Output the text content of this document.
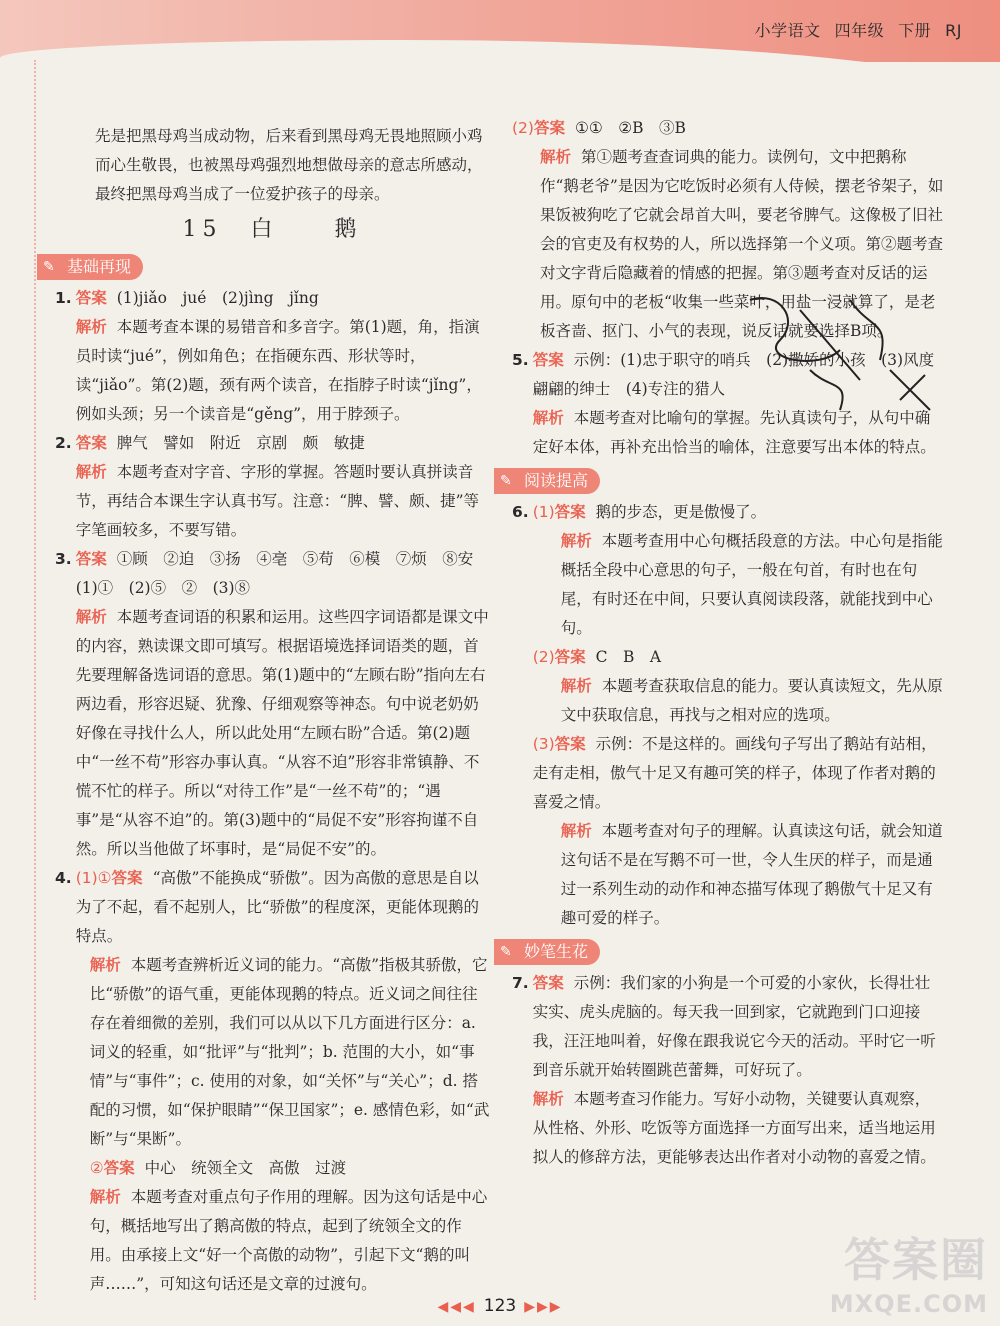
小学语文 四年级 下册 RJ

先是把黑母鸡当成动物，后来看到黑母鸡无畏地照顾小鸡而心生敬畏，也被黑母鸡强烈地想做母亲的意志所感动，最终把黑母鸡当成了一位爱护孩子的母亲。

15　白　　鹅
✎ 基础再现
1. 答案 (1)jiǎo　jué　(2)jìng　jǐng

解析 本题考查本课的易错音和多音字。第(1)题，角，指演员时读“jué”，例如角色；在指硬东西、形状等时，读“jiǎo”。第(2)题，颈有两个读音，在指脖子时读“jǐng”，例如头颈；另一个读音是“gěng”，用于脖颈子。

2. 答案 脾气　譬如　附近　京剧　颇　敏捷

解析 本题考查对字音、字形的掌握。答题时要认真拼读音节，再结合本课生字认真书写。注意：“脾、譬、颇、捷”等字笔画较多，不要写错。

3. 答案 ①顾　②迫　③扬　④亳　⑤苟　⑥模　⑦烦　⑧安　(1)①　(2)⑤　②　(3)⑧

解析 本题考查词语的积累和运用。这些四字词语都是课文中的内容，熟读课文即可填写。根据语境选择词语类的题，首先要理解备选词语的意思。第(1)题中的“左顾右盼”指向左右两边看，形容迟疑、犹豫、仔细观察等神态。句中说老奶奶好像在寻找什么人，所以此处用“左顾右盼”合适。第(2)题中“一丝不苟”形容办事认真。“从容不迫”形容非常镇静、不慌不忙的样子。所以“对待工作”是“一丝不苟”的；“遇事”是“从容不迫”的。第(3)题中的“局促不安”形容拘谨不自然。所以当他做了坏事时，是“局促不安”的。

4. (1)①答案 “高傲”不能换成“骄傲”。因为高傲的意思是自以为了不起，看不起别人，比“骄傲”的程度深，更能体现鹅的特点。

解析 本题考查辨析近义词的能力。“高傲”指极其骄傲，它比“骄傲”的语气重，更能体现鹅的特点。近义词之间往往存在着细微的差别，我们可以从以下几方面进行区分：a. 词义的轻重，如“批评”与“批判”；b. 范围的大小，如“事情”与“事件”；c. 使用的对象，如“关怀”与“关心”；d. 搭配的习惯，如“保护眼睛”“保卫国家”；e. 感情色彩，如“武断”与“果断”。

②答案 中心　统领全文　高傲　过渡

解析 本题考查对重点句子作用的理解。因为这句话是中心句，概括地写出了鹅高傲的特点，起到了统领全文的作用。由承接上文“好一个高傲的动物”，引起下文“鹅的叫声……”，可知这句话还是文章的过渡句。

(2)答案 ①①　②B　③B

解析 第①题考查查词典的能力。读例句，文中把鹅称作“鹅老爷”是因为它吃饭时必须有人侍候，摆老爷架子，如果饭被狗吃了它就会昂首大叫，要老爷脾气。这像极了旧社会的官吏及有权势的人，所以选择第一个义项。第②题考查对文字背后隐藏着的情感的把握。第③题考查对反话的运用。原句中的老板“收集一些菜叶，用盐一浸就算了，是老板吝啬、抠门、小气的表现，说反话就要选择B项。

5. 答案 示例：(1)忠于职守的哨兵　(2)撒娇的小孩　(3)风度翩翩的绅士　(4)专注的猎人

解析 本题考查对比喻句的掌握。先认真读句子，从句中确定好本体，再补充出恰当的喻体，注意要写出本体的特点。

✎ 阅读提高
6. (1)答案 鹅的步态，更是傲慢了。

解析 本题考查用中心句概括段意的方法。中心句是指能概括全段中心意思的句子，一般在句首，有时也在句尾，有时还在中间，只要认真阅读段落，就能找到中心句。

(2)答案 C　B　A

解析 本题考查获取信息的能力。要认真读短文，先从原文中获取信息，再找与之相对应的选项。

(3)答案 示例：不是这样的。画线句子写出了鹅站有站相，走有走相，傲气十足又有趣可笑的样子，体现了作者对鹅的喜爱之情。

解析 本题考查对句子的理解。认真读这句话，就会知道这句话不是在写鹅不可一世，令人生厌的样子，而是通过一系列生动的动作和神态描写体现了鹅傲气十足又有趣可爱的样子。

✎ 妙笔生花
7. 答案 示例：我们家的小狗是一个可爱的小家伙，长得壮壮实实、虎头虎脑的。每天我一回到家，它就跑到门口迎接我，汪汪地叫着，好像在跟我说它今天的活动。平时它一听到音乐就开始转圈跳芭蕾舞，可好玩了。

解析 本题考查习作能力。写好小动物，关键要认真观察，从性格、外形、吃饭等方面选择一方面写出来，适当地运用拟人的修辞方法，更能够表达出作者对小动物的喜爱之情。

◀◀◀ 123 ▶▶▶
答案圈
MXQE.COM
